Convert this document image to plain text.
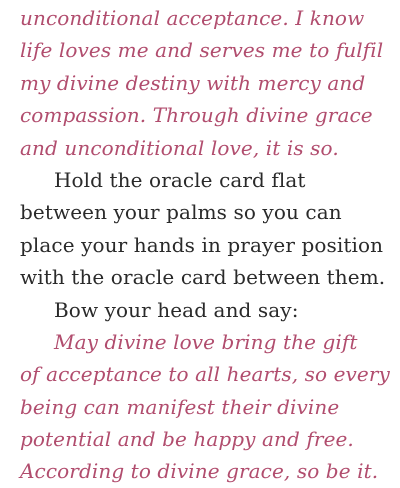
unconditional acceptance. I know
life loves me and serves me to fulfil
my divine destiny with mercy and
compassion. Through divine grace
and unconditional love, it is so.
Hold the oracle card flat
between your palms so you can
place your hands in prayer position
with the oracle card between them.
Bow your head and say:
May divine love bring the gift
of acceptance to all hearts, so every
being can manifest their divine
potential and be happy and free.
According to divine grace, so be it.
